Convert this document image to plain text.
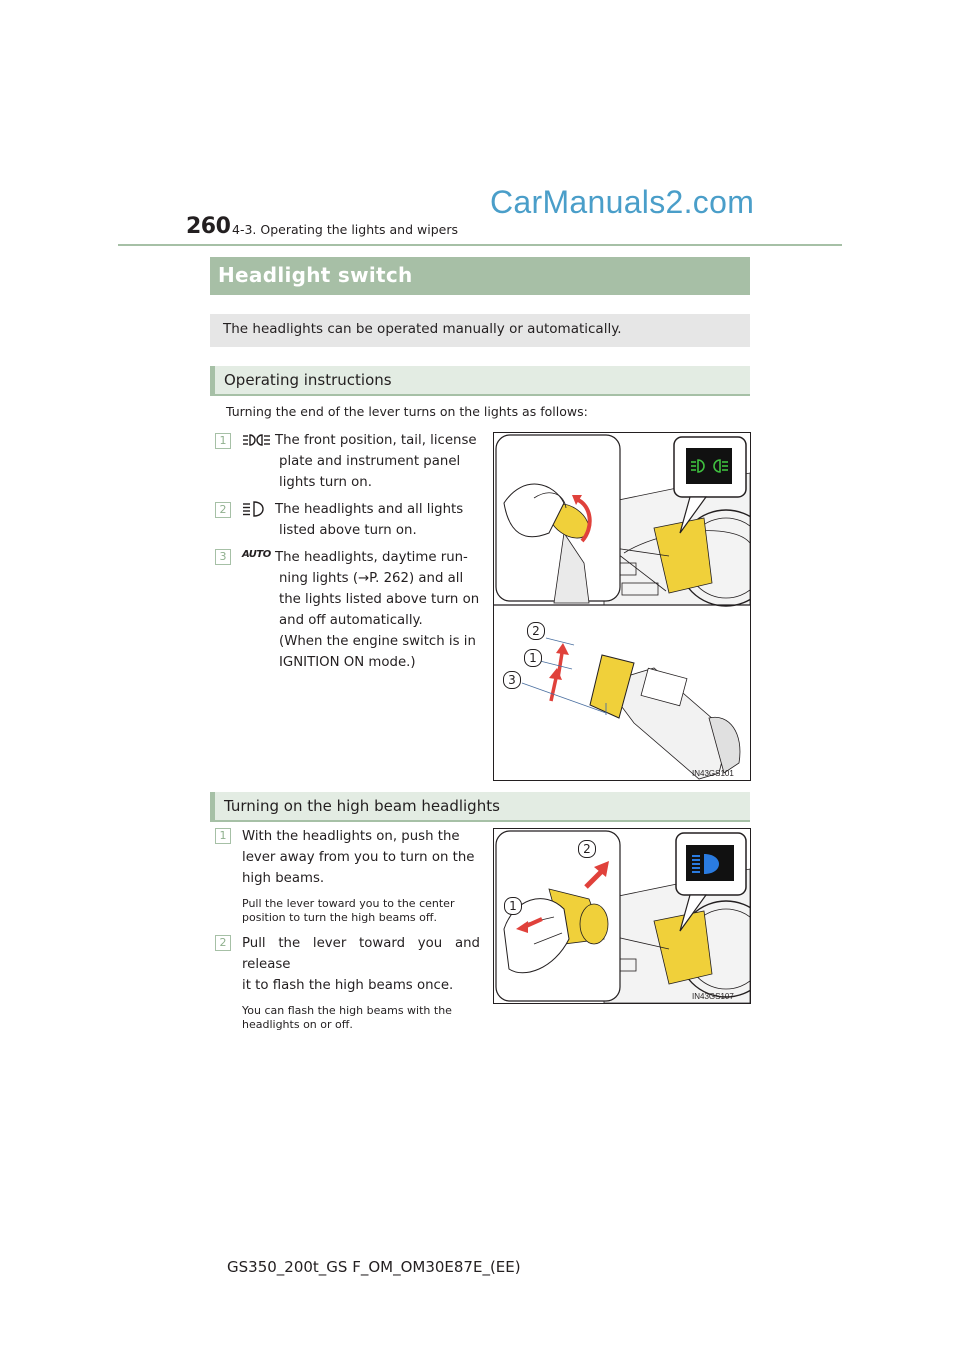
260 4-3. Operating the lights and wipers
CarManuals2.com
Headlight switch
The headlights can be operated manually or automatically.
Operating instructions
Turning the end of the lever turns on the lights as follows:
1	The front position, tail, license
plate and instrument panel
lights turn on.
2	The headlights and all lights
listed above turn on.
3	AUTO The headlights, daytime run-
ning lights (→P. 262) and all
the lights listed above turn on
and off automatically.
(When the engine switch is in
IGNITION ON mode.)
IN43GS101
2
1
3
Turning on the high beam headlights
1	With the headlights on, push the
lever away from you to turn on the
high beams.
Pull the lever toward you to the center
position to turn the high beams off.
2	Pull the lever toward you and release
it to flash the high beams once.
You can flash the high beams with the
headlights on or off.
IN43GS107
2
1
GS350_200t_GS F_OM_OM30E87E_(EE)
